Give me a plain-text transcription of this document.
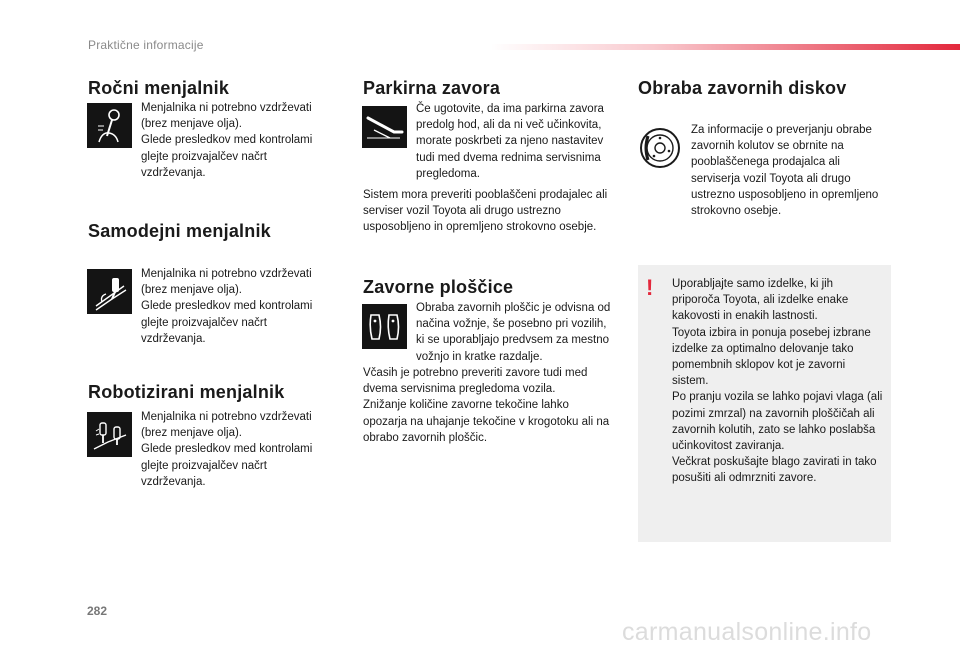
Praktične informacije
Ročni menjalnik
Menjalnika ni potrebno vzdrževati (brez menjave olja).
Glede presledkov med kontrolami glejte proizvajalčev načrt vzdrževanja.
Samodejni menjalnik
Menjalnika ni potrebno vzdrževati (brez menjave olja).
Glede presledkov med kontrolami glejte proizvajalčev načrt vzdrževanja.
Robotizirani menjalnik
Menjalnika ni potrebno vzdrževati (brez menjave olja).
Glede presledkov med kontrolami glejte proizvajalčev načrt vzdrževanja.
Parkirna zavora
Če ugotovite, da ima parkirna zavora predolg hod, ali da ni več učinkovita, morate poskrbeti za njeno nastavitev tudi med dvema rednima servisnima pregledoma.
Sistem mora preveriti pooblaščeni prodajalec ali serviser vozil Toyota ali drugo ustrezno usposobljeno in opremljeno strokovno osebje.
Zavorne ploščice
Obraba zavornih ploščic je odvisna od načina vožnje, še posebno pri vozilih, ki se uporabljajo predvsem za mestno vožnjo in kratke razdalje.
Včasih je potrebno preveriti zavore tudi med dvema servisnima pregledoma vozila.
Znižanje količine zavorne tekočine lahko opozarja na uhajanje tekočine v krogotoku ali na obrabo zavornih ploščic.
Obraba zavornih diskov
Za informacije o preverjanju obrabe zavornih kolutov se obrnite na pooblaščenega prodajalca ali serviserja vozil Toyota ali drugo ustrezno usposobljeno in opremljeno strokovno osebje.
!	Uporabljajte samo izdelke, ki jih priporoča Toyota, ali izdelke enake kakovosti in enakih lastnosti.
Toyota izbira in ponuja posebej izbrane izdelke za optimalno delovanje tako pomembnih sklopov kot je zavorni sistem.
Po pranju vozila se lahko pojavi vlaga (ali pozimi zmrzal) na zavornih ploščičah ali zavornih kolutih, zato se lahko poslabša učinkovitost zaviranja.
Večkrat poskušajte blago zavirati in tako posušiti ali odmrzniti zavore.
282
carmanualsonline.info
